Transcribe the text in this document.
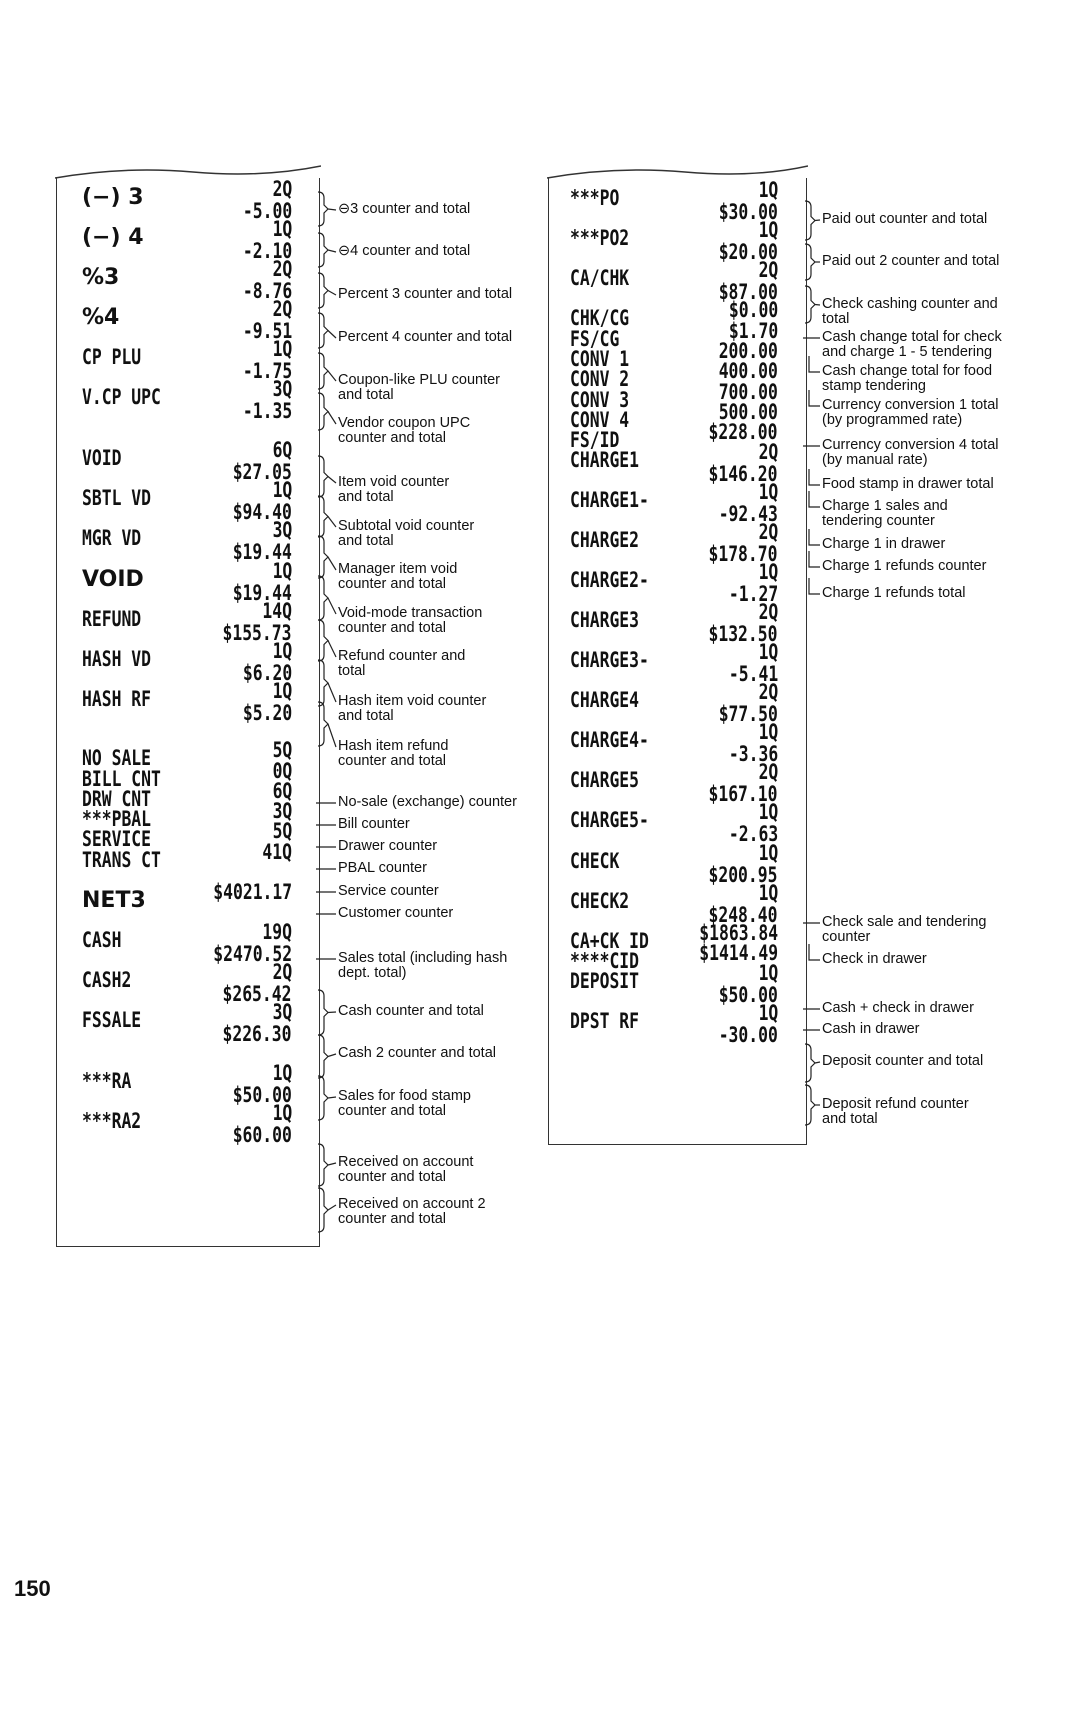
(−) 3	2Q
-5.00
(−) 4	1Q
-2.10
%3	2Q
-8.76
%4	2Q
-9.51
CP PLU	1Q
-1.75
V.CP UPC	3Q
-1.35
VOID	6Q
$27.05
SBTL VD	1Q
$94.40
MGR VD	3Q
$19.44
VOID	1Q
$19.44
REFUND	14Q
$155.73
HASH VD	1Q
$6.20
HASH RF	1Q
$5.20
NO SALE	5Q
BILL CNT	0Q
DRW CNT	6Q
***PBAL	3Q
SERVICE	5Q
TRANS CT	41Q
NET3	$4021.17
CASH	19Q
$2470.52
CASH2	2Q
$265.42
FSSALE	3Q
$226.30
***RA	1Q
$50.00
***RA2	1Q
$60.00
***PO	1Q
$30.00
***PO2	1Q
$20.00
CA/CHK	2Q
$87.00
CHK/CG	$0.00
FS/CG	$1.70
CONV 1	200.00
CONV 2	400.00
CONV 3	700.00
CONV 4	500.00
FS/ID	$228.00
CHARGE1	2Q
$146.20
CHARGE1-	1Q
-92.43
CHARGE2	2Q
$178.70
CHARGE2-	1Q
-1.27
CHARGE3	2Q
$132.50
CHARGE3-	1Q
-5.41
CHARGE4	2Q
$77.50
CHARGE4-	1Q
-3.36
CHARGE5	2Q
$167.10
CHARGE5-	1Q
-2.63
CHECK	1Q
$200.95
CHECK2	1Q
$248.40
CA+CK ID $1863.84
****CID	$1414.49
DEPOSIT	1Q
$50.00
DPST RF	1Q
-30.00
⊖3 counter and total
⊖4 counter and total
Percent 3 counter and total
Percent 4 counter and total
Coupon-like PLU counter
and total
Vendor coupon UPC
counter and total
Item void counter
and total
Subtotal void counter
and total
Manager item void
counter and total
Void-mode transaction
counter and total
Refund counter and
total
Hash item void counter
and total
Hash item refund
counter and total
No-sale (exchange) counter
Bill counter
Drawer counter
PBAL counter
Service counter
Customer counter
Sales total (including hash
dept. total)
Cash counter and total
Cash 2 counter and total
Sales for food stamp
counter and total
Received on account
counter and total
Received on account 2
counter and total
Paid out counter and total
Paid out 2 counter and total
Check cashing counter and
total
Cash change total for check
and charge 1 - 5 tendering
Cash change total for food
stamp tendering
Currency conversion 1 total
(by programmed rate)
Currency conversion 4 total
(by manual rate)
Food stamp in drawer total
Charge 1 sales and
tendering counter
Charge 1 in drawer
Charge 1 refunds counter
Charge 1 refunds total
Check sale and tendering
counter
Check in drawer
Cash + check in drawer
Cash in drawer
Deposit counter and total
Deposit refund counter
and total
150
